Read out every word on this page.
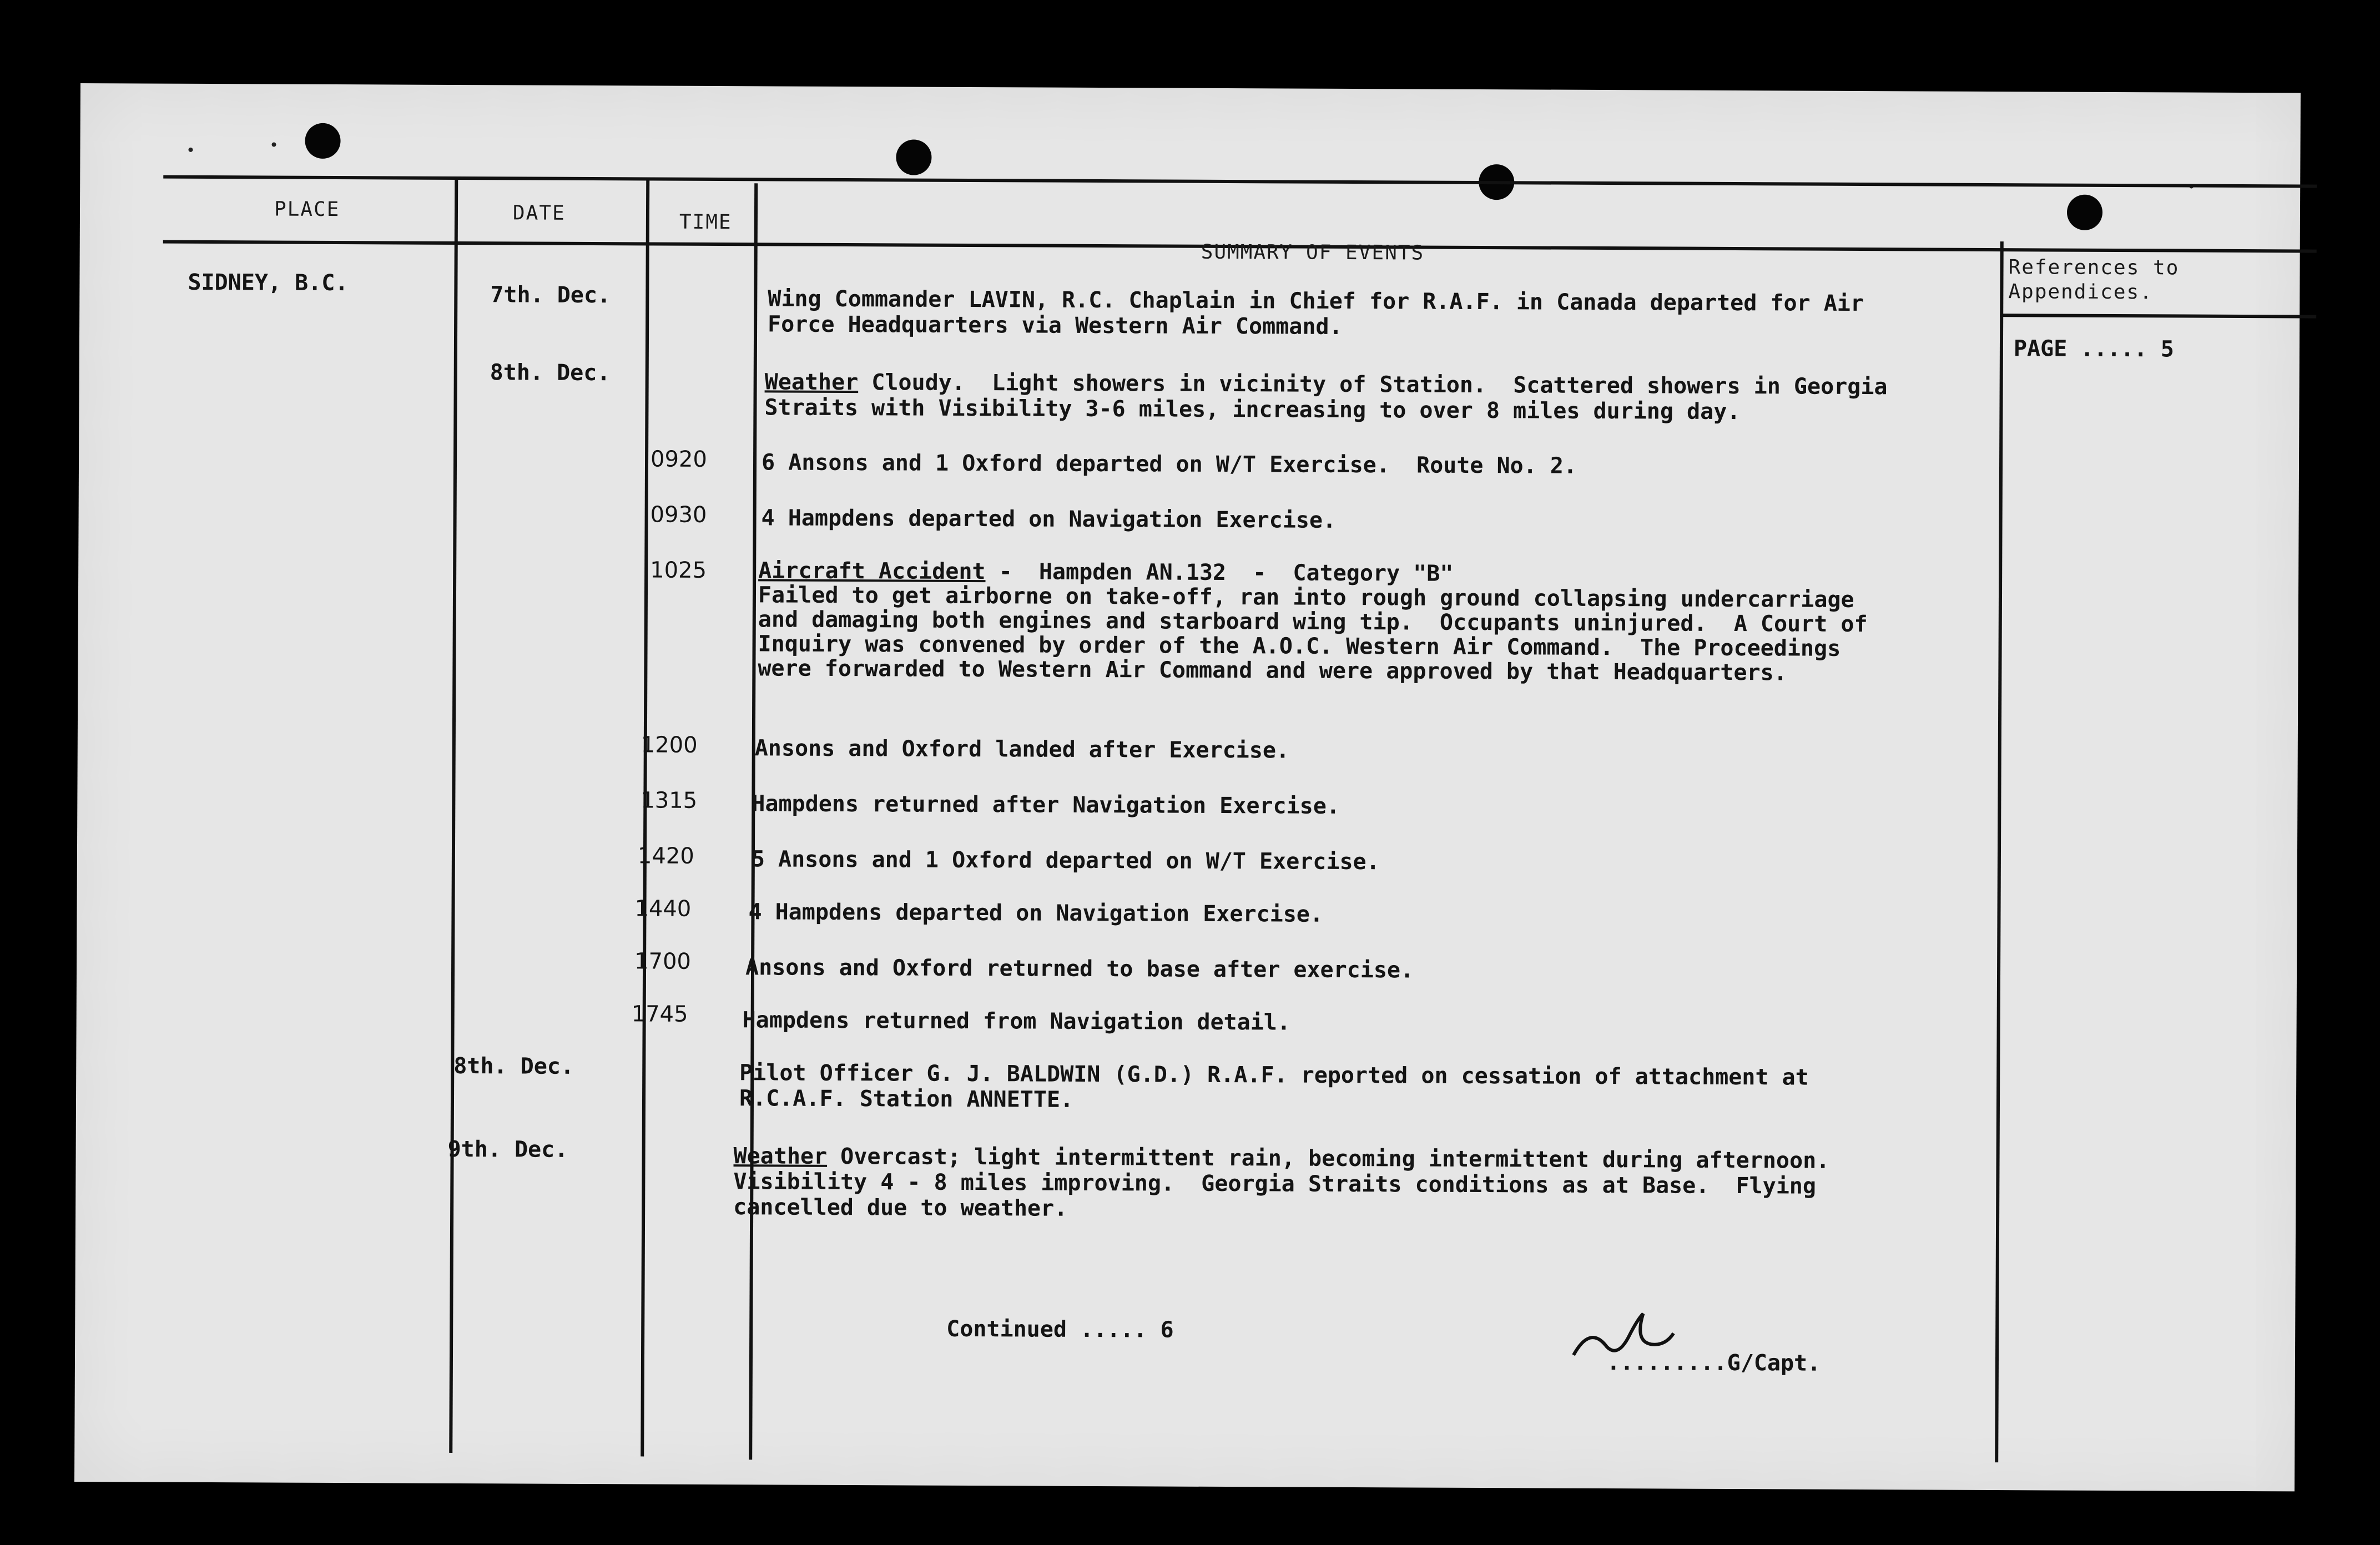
PLACE	DATE	TIME
SUMMARY OF EVENTS
References to
Appendices.
SIDNEY, B.C.
PAGE ..... 5
7th. Dec.
8th. Dec.
8th. Dec.
9th. Dec.
0920
0930
1025
1200
1315
1420
1440
1700
1745
Wing Commander LAVIN, R.C. Chaplain in Chief for R.A.F. in Canada departed for Air
Force Headquarters via Western Air Command.
Weather Cloudy.  Light showers in vicinity of Station.  Scattered showers in Georgia
Straits with Visibility 3-6 miles, increasing to over 8 miles during day.
6 Ansons and 1 Oxford departed on W/T Exercise.  Route No. 2.
4 Hampdens departed on Navigation Exercise.
Aircraft Accident -  Hampden AN.132  -  Category "B"
Failed to get airborne on take-off, ran into rough ground collapsing undercarriage
and damaging both engines and starboard wing tip.  Occupants uninjured.  A Court of
Inquiry was convened by order of the A.O.C. Western Air Command.  The Proceedings
were forwarded to Western Air Command and were approved by that Headquarters.
Ansons and Oxford landed after Exercise.
Hampdens returned after Navigation Exercise.
5 Ansons and 1 Oxford departed on W/T Exercise.
4 Hampdens departed on Navigation Exercise.
Ansons and Oxford returned to base after exercise.
Hampdens returned from Navigation detail.
Pilot Officer G. J. BALDWIN (G.D.) R.A.F. reported on cessation of attachment at
R.C.A.F. Station ANNETTE.
Weather Overcast; light intermittent rain, becoming intermittent during afternoon.
Visibility 4 - 8 miles improving.  Georgia Straits conditions as at Base.  Flying
cancelled due to weather.
Continued ..... 6
.........G/Capt.
